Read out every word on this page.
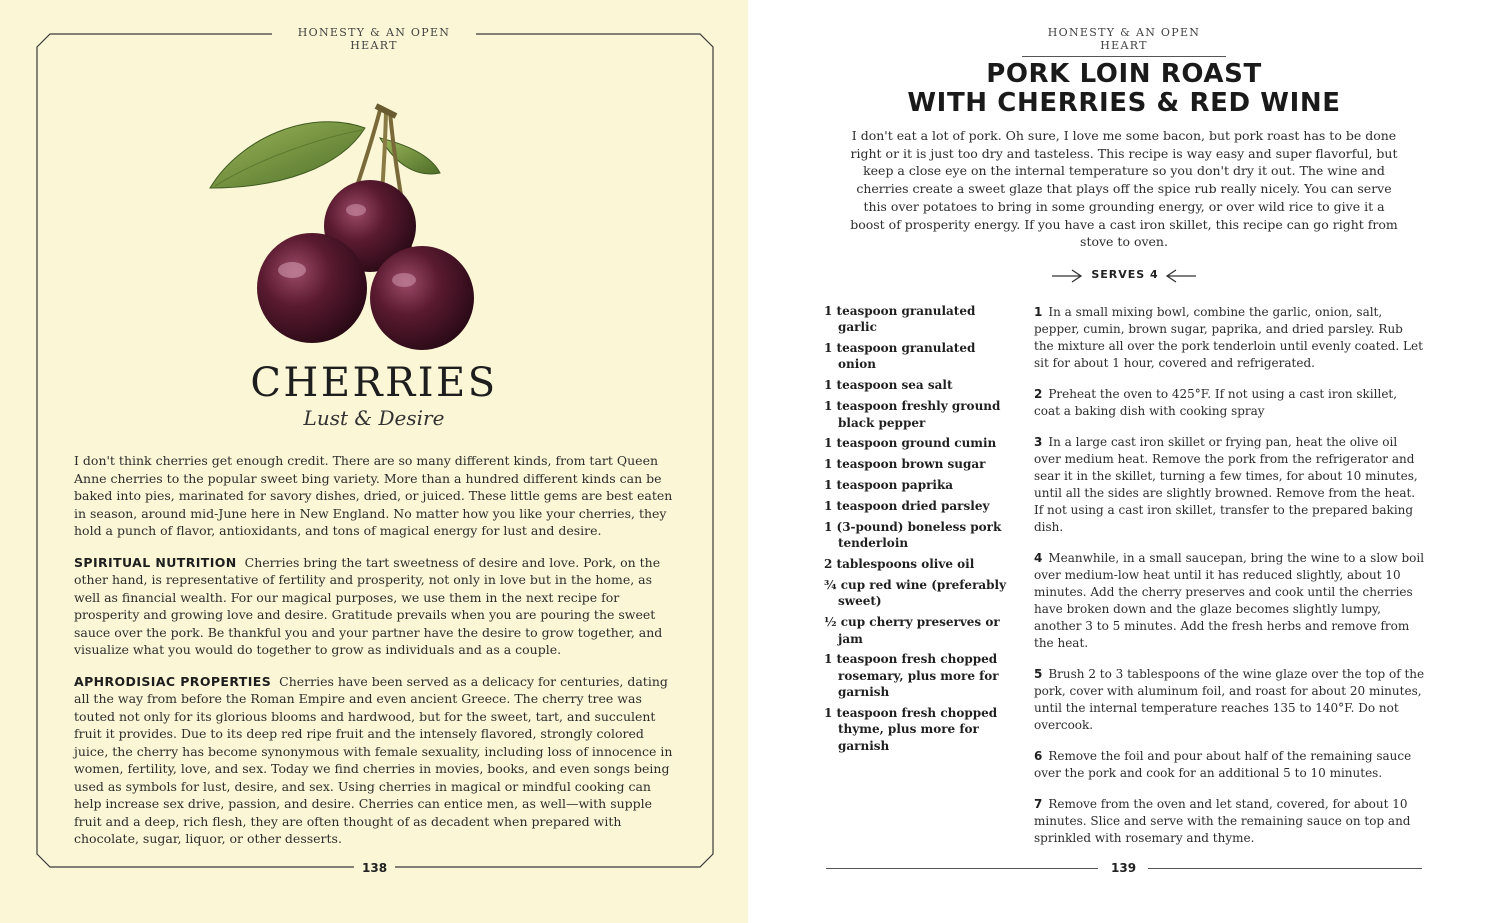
HONESTY & AN OPEN HEART
CHERRIES
Lust & Desire

I don't think cherries get enough credit. There are so many different kinds, from tart Queen Anne cherries to the popular sweet bing variety. More than a hundred different kinds can be baked into pies, marinated for savory dishes, dried, or juiced. These little gems are best eaten in season, around mid-June here in New England. No matter how you like your cherries, they hold a punch of flavor, antioxidants, and tons of magical energy for lust and desire.

SPIRITUAL NUTRITION Cherries bring the tart sweetness of desire and love. Pork, on the other hand, is representative of fertility and prosperity, not only in love but in the home, as well as financial wealth. For our magical purposes, we use them in the next recipe for prosperity and growing love and desire. Gratitude prevails when you are pouring the sweet sauce over the pork. Be thankful you and your partner have the desire to grow together, and visualize what you would do together to grow as individuals and as a couple.

APHRODISIAC PROPERTIES Cherries have been served as a delicacy for centuries, dating all the way from before the Roman Empire and even ancient Greece. The cherry tree was touted not only for its glorious blooms and hardwood, but for the sweet, tart, and succulent fruit it provides. Due to its deep red ripe fruit and the intensely flavored, strongly colored juice, the cherry has become synonymous with female sexuality, including loss of innocence in women, fertility, love, and sex. Today we find cherries in movies, books, and even songs being used as symbols for lust, desire, and sex. Using cherries in magical or mindful cooking can help increase sex drive, passion, and desire. Cherries can entice men, as well—with supple fruit and a deep, rich flesh, they are often thought of as decadent when prepared with chocolate, sugar, liquor, or other desserts.

138
HONESTY & AN OPEN HEART
PORK LOIN ROAST
WITH CHERRIES & RED WINE
I don't eat a lot of pork. Oh sure, I love me some bacon, but pork roast has to be done right or it is just too dry and tasteless. This recipe is way easy and super flavorful, but keep a close eye on the internal temperature so you don't dry it out. The wine and cherries create a sweet glaze that plays off the spice rub really nicely. You can serve this over potatoes to bring in some grounding energy, or over wild rice to give it a boost of prosperity energy. If you have a cast iron skillet, this recipe can go right from stove to oven.
SERVES 4
1 teaspoon granulated garlic
1 teaspoon granulated onion
1 teaspoon sea salt
1 teaspoon freshly ground black pepper
1 teaspoon ground cumin
1 teaspoon brown sugar
1 teaspoon paprika
1 teaspoon dried parsley
1 (3-pound) boneless pork tenderloin
2 tablespoons olive oil
¾ cup red wine (preferably sweet)
½ cup cherry preserves or jam
1 teaspoon fresh chopped rosemary, plus more for garnish
1 teaspoon fresh chopped thyme, plus more for garnish
1 In a small mixing bowl, combine the garlic, onion, salt, pepper, cumin, brown sugar, paprika, and dried parsley. Rub the mixture all over the pork tenderloin until evenly coated. Let sit for about 1 hour, covered and refrigerated.
2 Preheat the oven to 425°F. If not using a cast iron skillet, coat a baking dish with cooking spray
3 In a large cast iron skillet or frying pan, heat the olive oil over medium heat. Remove the pork from the refrigerator and sear it in the skillet, turning a few times, for about 10 minutes, until all the sides are slightly browned. Remove from the heat. If not using a cast iron skillet, transfer to the prepared baking dish.
4 Meanwhile, in a small saucepan, bring the wine to a slow boil over medium-low heat until it has reduced slightly, about 10 minutes. Add the cherry preserves and cook until the cherries have broken down and the glaze becomes slightly lumpy, another 3 to 5 minutes. Add the fresh herbs and remove from the heat.
5 Brush 2 to 3 tablespoons of the wine glaze over the top of the pork, cover with aluminum foil, and roast for about 20 minutes, until the internal temperature reaches 135 to 140°F. Do not overcook.
6 Remove the foil and pour about half of the remaining sauce over the pork and cook for an additional 5 to 10 minutes.
7 Remove from the oven and let stand, covered, for about 10 minutes. Slice and serve with the remaining sauce on top and sprinkled with rosemary and thyme.
139
